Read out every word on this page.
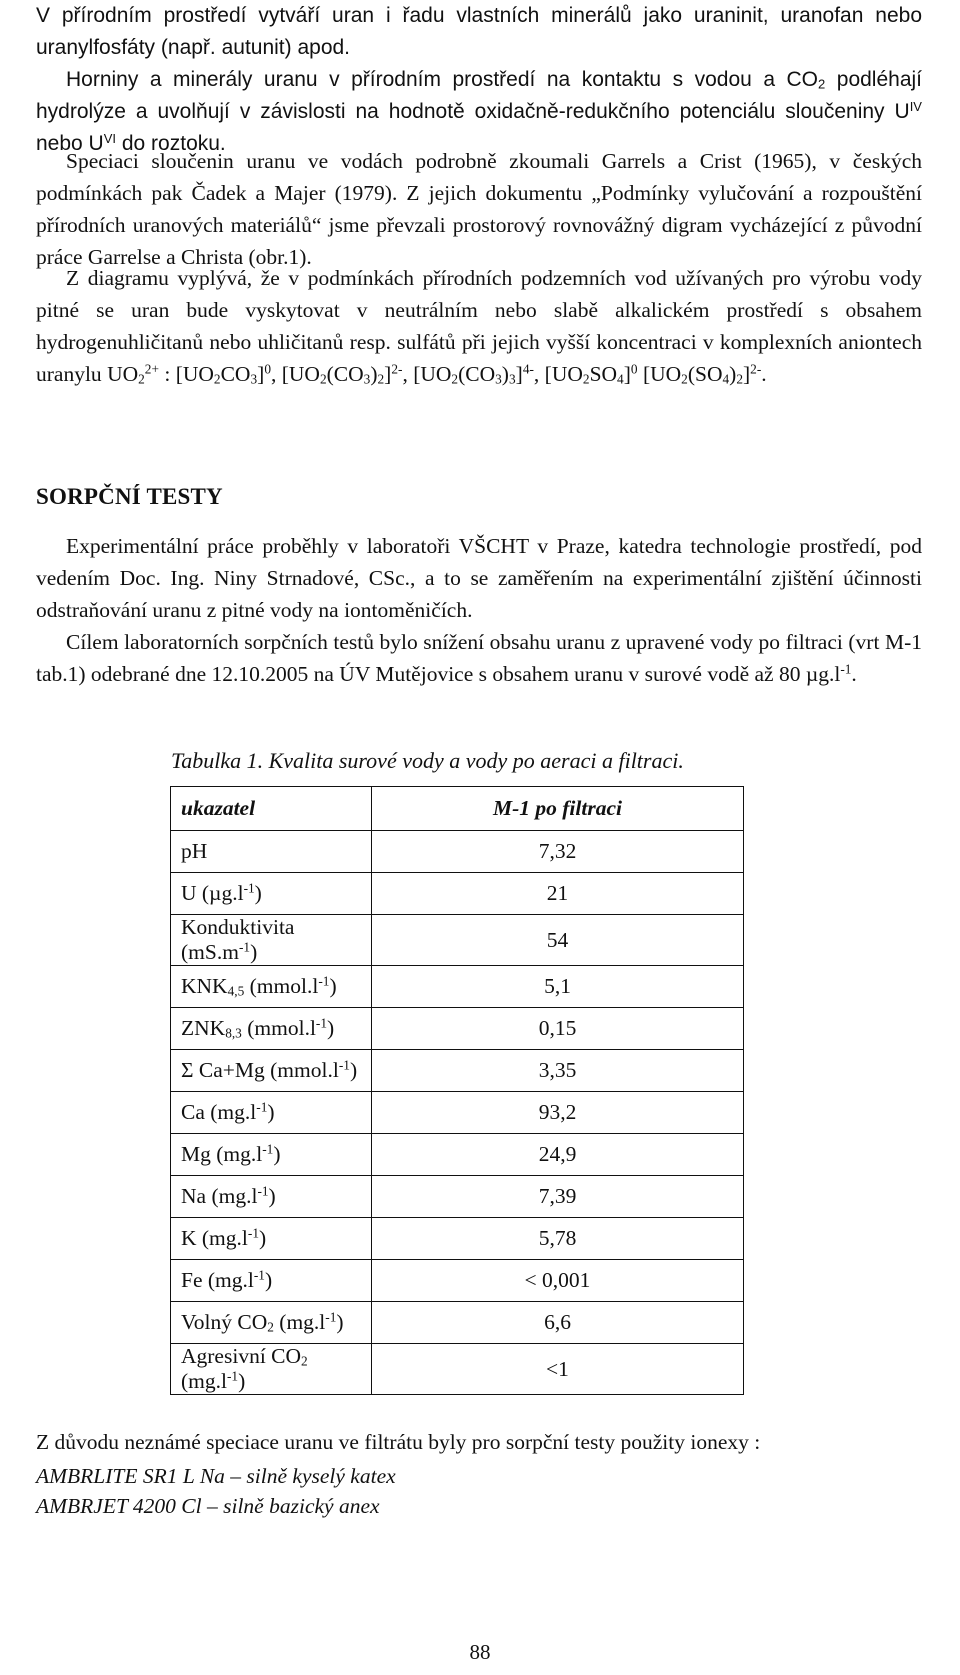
V přírodním prostředí vytváří uran i řadu vlastních minerálů jako uraninit, uranofan nebo uranylfosfáty (např. autunit) apod.
Horniny a minerály uranu v přírodním prostředí na kontaktu s vodou a $CO_2$ podléhají hydrolýze a uvolňují v závislosti na hodnotě oxidačně-redukčního potenciálu sloučeniny $U^{IV}$ nebo $U^{VI}$ do roztoku.
Speciaci sloučenin uranu ve vodách podrobně zkoumali Garrels a Crist (1965), v českých podmínkách pak Čadek a Majer (1979). Z jejich dokumentu „Podmínky vylučování a rozpouštění přírodních uranových materiálů“ jsme převzali prostorový rovnovážný digram vycházející z původní práce Garrelse a Christa (obr.1).
Z diagramu vyplývá, že v podmínkách přírodních podzemních vod užívaných pro výrobu vody pitné se uran bude vyskytovat v neutrálním nebo slabě alkalickém prostředí s obsahem hydrogenuhličitanů nebo uhličitanů resp. sulfátů při jejich vyšší koncentraci v komplexních aniontech uranylu $UO_2^{2+}$ : $[UO_2CO_3]^0$, $[UO_2(CO_3)_2]^{2-}$, $[UO_2(CO_3)_3]^{4-}$, $[UO_2SO_4]^0$ $[UO_2(SO_4)_2]^{2-}$.
SORPČNÍ TESTY
Experimentální práce proběhly v laboratoři VŠCHT v Praze, katedra technologie prostředí, pod vedením Doc. Ing. Niny Strnadové, CSc., a to se zaměřením na experimentální zjištění účinnosti odstraňování uranu z pitné vody na iontoměničích.
Cílem laboratorních sorpčních testů bylo snížení obsahu uranu z upravené vody po filtraci (vrt M-1 tab.1) odebrané dne 12.10.2005 na ÚV Mutějovice s obsahem uranu v surové vodě až 80 $\mu g.l^{-1}$.
Tabulka 1. Kvalita surové vody a vody po aeraci a filtraci.
ukazatel	M-1 po filtraci
pH	7,32
U $(\mu g.l^{-1})$	21
Konduktivita $(mS.m^{-1})$	54
$KNK_{4,5}$ $(mmol.l^{-1})$	5,1
$ZNK_{8,3}$ $(mmol.l^{-1})$	0,15
Σ Ca+Mg $(mmol.l^{-1})$	3,35
Ca $(mg.l^{-1})$	93,2
Mg $(mg.l^{-1})$	24,9
Na $(mg.l^{-1})$	7,39
K $(mg.l^{-1})$	5,78
Fe $(mg.l^{-1})$	< 0,001
Volný $CO_2$ $(mg.l^{-1})$	6,6
Agresivní $CO_2$ $(mg.l^{-1})$	<1
Z důvodu neznámé speciace uranu ve filtrátu byly pro sorpční testy použity ionexy :
AMBRLITE SR1 L Na – silně kyselý katex
AMBRJET 4200 Cl – silně bazický anex
88
